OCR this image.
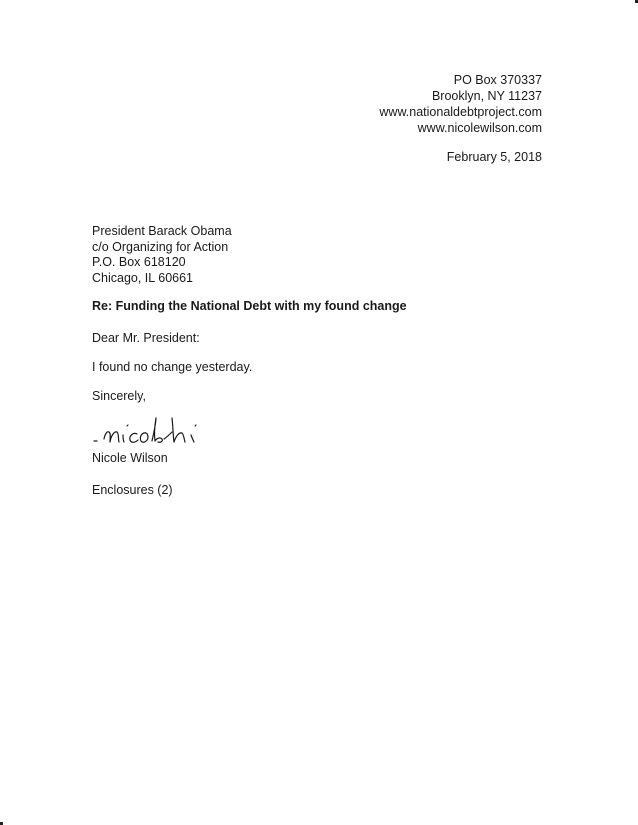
PO Box 370337
Brooklyn, NY 11237
www.nationaldebtproject.com
www.nicolewilson.com
February 5, 2018
President Barack Obama
c/o Organizing for Action
P.O. Box 618120
Chicago, IL 60661
Re: Funding the National Debt with my found change
Dear Mr. President:
I found no change yesterday.
Sincerely,
Nicole Wilson
Enclosures (2)
